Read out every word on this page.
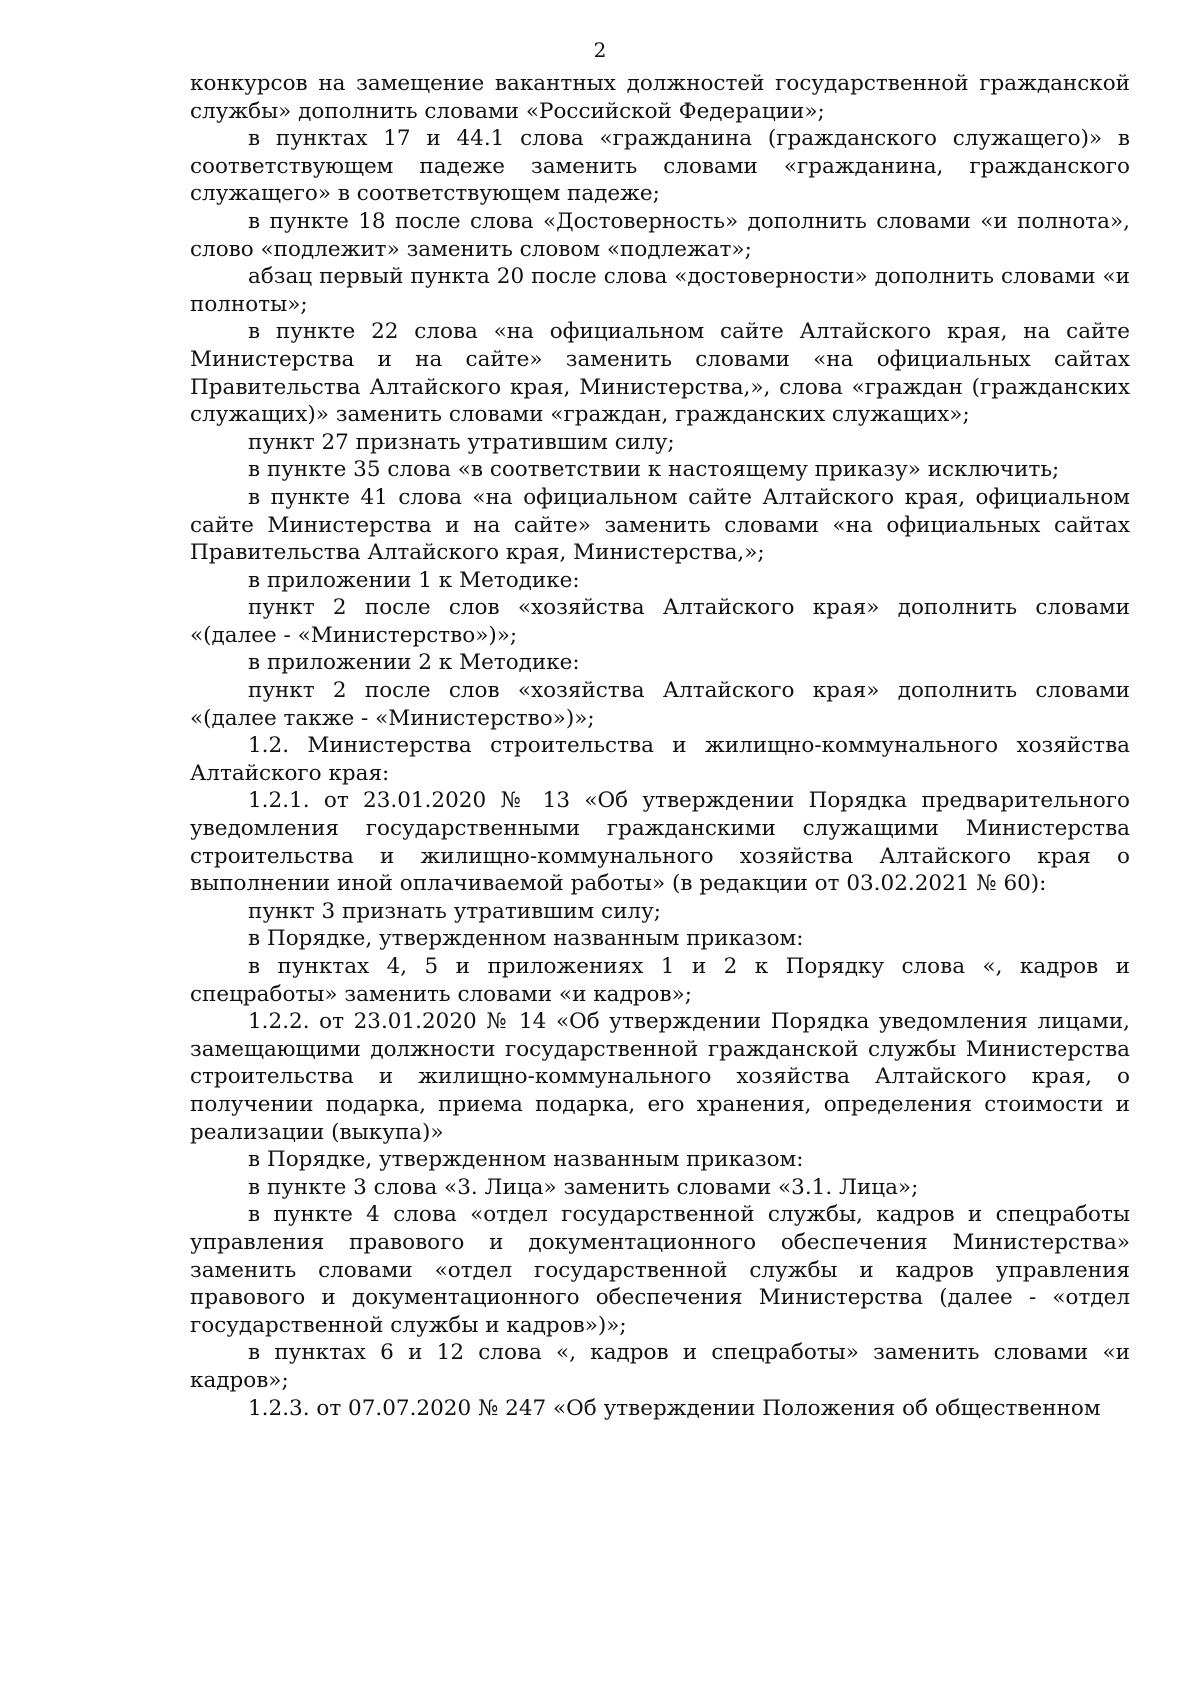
2

конкурсов на замещение вакантных должностей государственной гражданской службы» дополнить словами «Российской Федерации»;

в пунктах 17 и 44.1 слова «гражданина (гражданского служащего)» в соответствующем падеже заменить словами «гражданина, гражданского служащего» в соответствующем падеже;

в пункте 18 после слова «Достоверность» дополнить словами «и полнота», слово «подлежит» заменить словом «подлежат»;

абзац первый пункта 20 после слова «достоверности» дополнить словами «и полноты»;

в пункте 22 слова «на официальном сайте Алтайского края, на сайте Министерства и на сайте» заменить словами «на официальных сайтах Правительства Алтайского края, Министерства,», слова «граждан (гражданских служащих)» заменить словами «граждан, гражданских служащих»;

пункт 27 признать утратившим силу;

в пункте 35 слова «в соответствии к настоящему приказу» исключить;

в пункте 41 слова «на официальном сайте Алтайского края, официальном сайте Министерства и на сайте» заменить словами «на официальных сайтах Правительства Алтайского края, Министерства,»;

в приложении 1 к Методике:

пункт 2 после слов «хозяйства Алтайского края» дополнить словами «(далее - «Министерство»)»;

в приложении 2 к Методике:

пункт 2 после слов «хозяйства Алтайского края» дополнить словами «(далее также - «Министерство»)»;

1.2. Министерства строительства и жилищно-коммунального хозяйства Алтайского края:

1.2.1. от 23.01.2020 № 13 «Об утверждении Порядка предварительного уведомления государственными гражданскими служащими Министерства строительства и жилищно-коммунального хозяйства Алтайского края о выполнении иной оплачиваемой работы» (в редакции от 03.02.2021 № 60):

пункт 3 признать утратившим силу;

в Порядке, утвержденном названным приказом:

в пунктах 4, 5 и приложениях 1 и 2 к Порядку слова «, кадров и спецработы» заменить словами «и кадров»;

1.2.2. от 23.01.2020 № 14 «Об утверждении Порядка уведомления лицами, замещающими должности государственной гражданской службы Министерства строительства и жилищно-коммунального хозяйства Алтайского края, о получении подарка, приема подарка, его хранения, определения стоимости и реализации (выкупа)»

в Порядке, утвержденном названным приказом:

в пункте 3 слова «3. Лица» заменить словами «3.1. Лица»;

в пункте 4 слова «отдел государственной службы, кадров и спецработы управления правового и документационного обеспечения Министерства» заменить словами «отдел государственной службы и кадров управления правового и документационного обеспечения Министерства (далее - «отдел государственной службы и кадров»)»;

в пунктах 6 и 12 слова «, кадров и спецработы» заменить словами «и кадров»;

1.2.3. от 07.07.2020 № 247 «Об утверждении Положения об общественном
